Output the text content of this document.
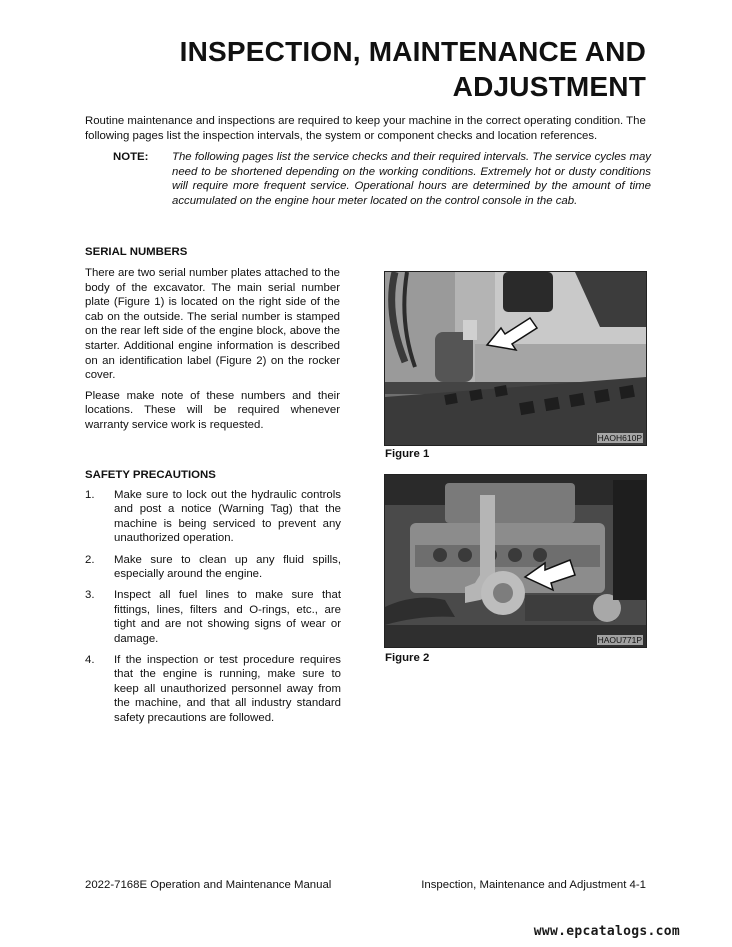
INSPECTION, MAINTENANCE AND
ADJUSTMENT

Routine maintenance and inspections are required to keep your machine in the correct operating condition. The following pages list the inspection intervals, the system or component checks and location references.

NOTE: The following pages list the service checks and their required intervals. The service cycles may need to be shortened depending on the working conditions. Extremely hot or dusty conditions will require more frequent service. Operational hours are determined by the amount of time accumulated on the engine hour meter located on the control console in the cab.
SERIAL NUMBERS

There are two serial number plates attached to the body of the excavator. The main serial number plate (Figure 1) is located on the right side of the cab on the outside. The serial number is stamped on the rear left side of the engine block, above the starter. Additional engine information is described on an identification label (Figure 2) on the rocker cover.

Please make note of these numbers and their locations. These will be required whenever warranty service work is requested.

SAFETY PRECAUTIONS
1. Make sure to lock out the hydraulic controls and post a notice (Warning Tag) that the machine is being serviced to prevent any unauthorized operation.
2. Make sure to clean up any fluid spills, especially around the engine.
3. Inspect all fuel lines to make sure that fittings, lines, filters and O-rings, etc., are tight and are not showing signs of wear or damage.
4. If the inspection or test procedure requires that the engine is running, make sure to keep all unauthorized personnel away from the machine, and that all industry standard safety precautions are followed.
HAOH610P
Figure 1
HAOU771P
Figure 2
2022-7168E Operation and Maintenance Manual	Inspection, Maintenance and Adjustment 4-1
www.epcatalogs.com
